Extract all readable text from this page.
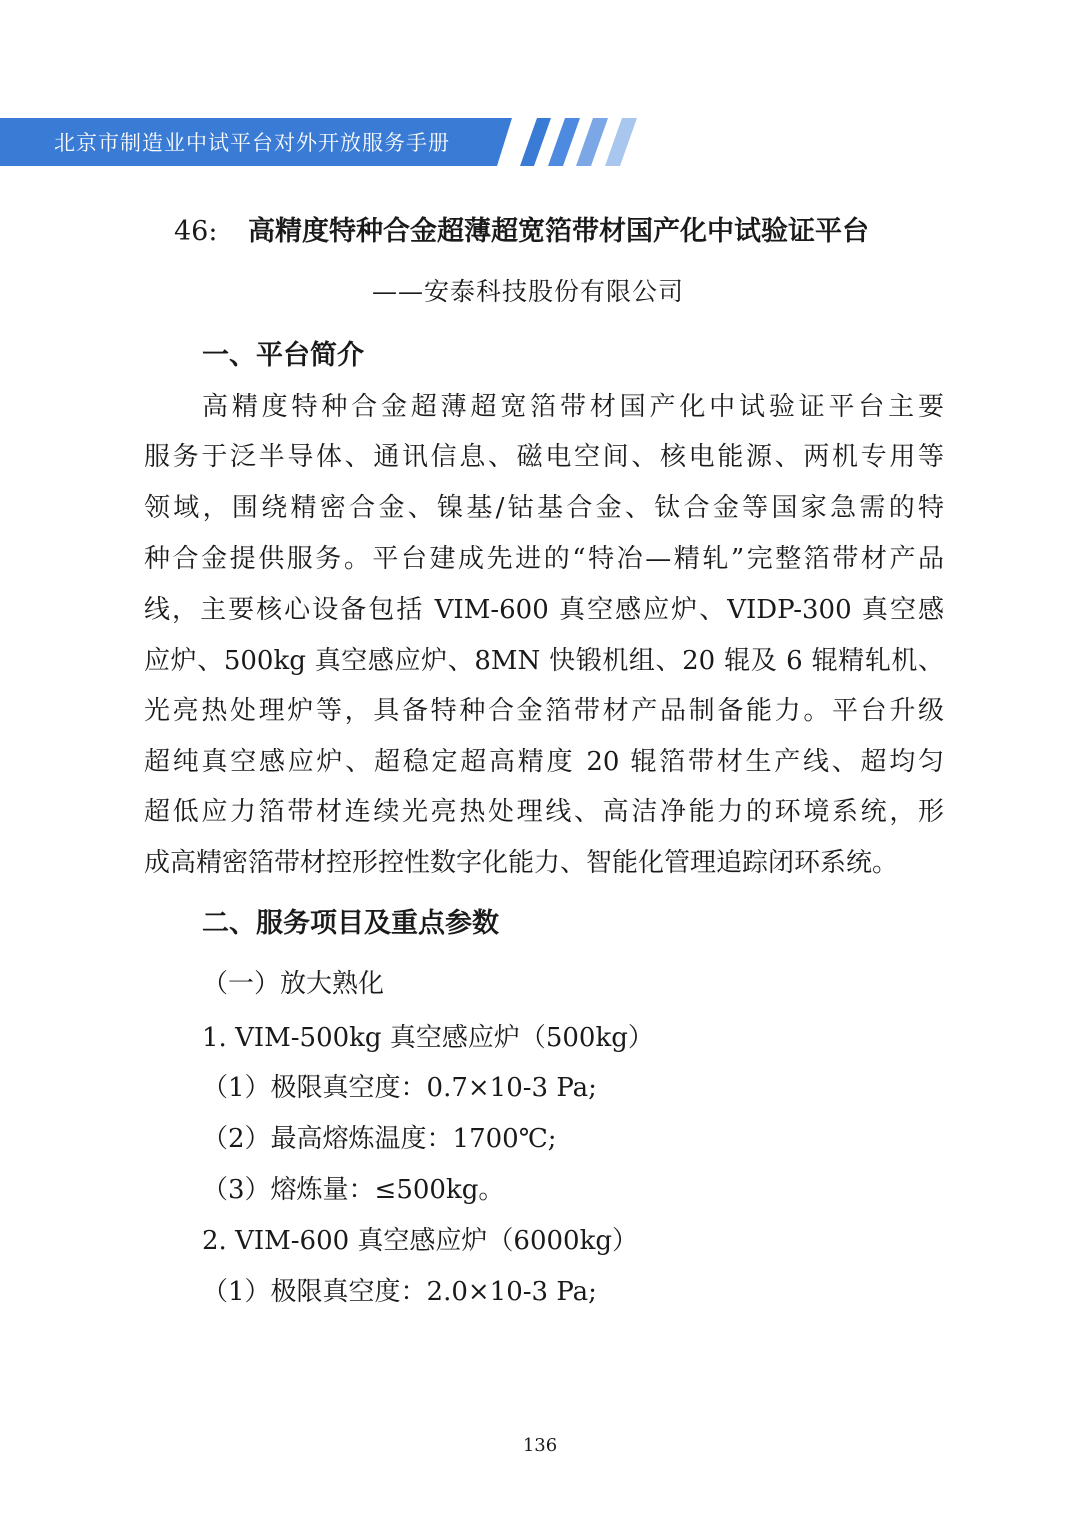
北京市制造业中试平台对外开放服务手册
46: 高精度特种合金超薄超宽箔带材国产化中试验证平台
——安泰科技股份有限公司
一、平台简介
高精度特种合金超薄超宽箔带材国产化中试验证平台主要
服务于泛半导体、通讯信息、磁电空间、核电能源、两机专用等
领域，围绕精密合金、镍基/钴基合金、钛合金等国家急需的特
种合金提供服务。平台建成先进的“特冶—精轧”完整箔带材产品
线，主要核心设备包括 VIM-600 真空感应炉、VIDP-300 真空感
应炉、500kg 真空感应炉、8MN 快锻机组、20 辊及 6 辊精轧机、
光亮热处理炉等，具备特种合金箔带材产品制备能力。平台升级
超纯真空感应炉、超稳定超高精度 20 辊箔带材生产线、超均匀
超低应力箔带材连续光亮热处理线、高洁净能力的环境系统，形
成高精密箔带材控形控性数字化能力、智能化管理追踪闭环系统。
二、服务项目及重点参数
（一）放大熟化
1. VIM-500kg 真空感应炉（500kg）
（1）极限真空度：0.7×10-3 Pa;
（2）最高熔炼温度：1700℃;
（3）熔炼量：≤500kg。
2. VIM-600 真空感应炉（6000kg）
（1）极限真空度：2.0×10-3 Pa;
136
